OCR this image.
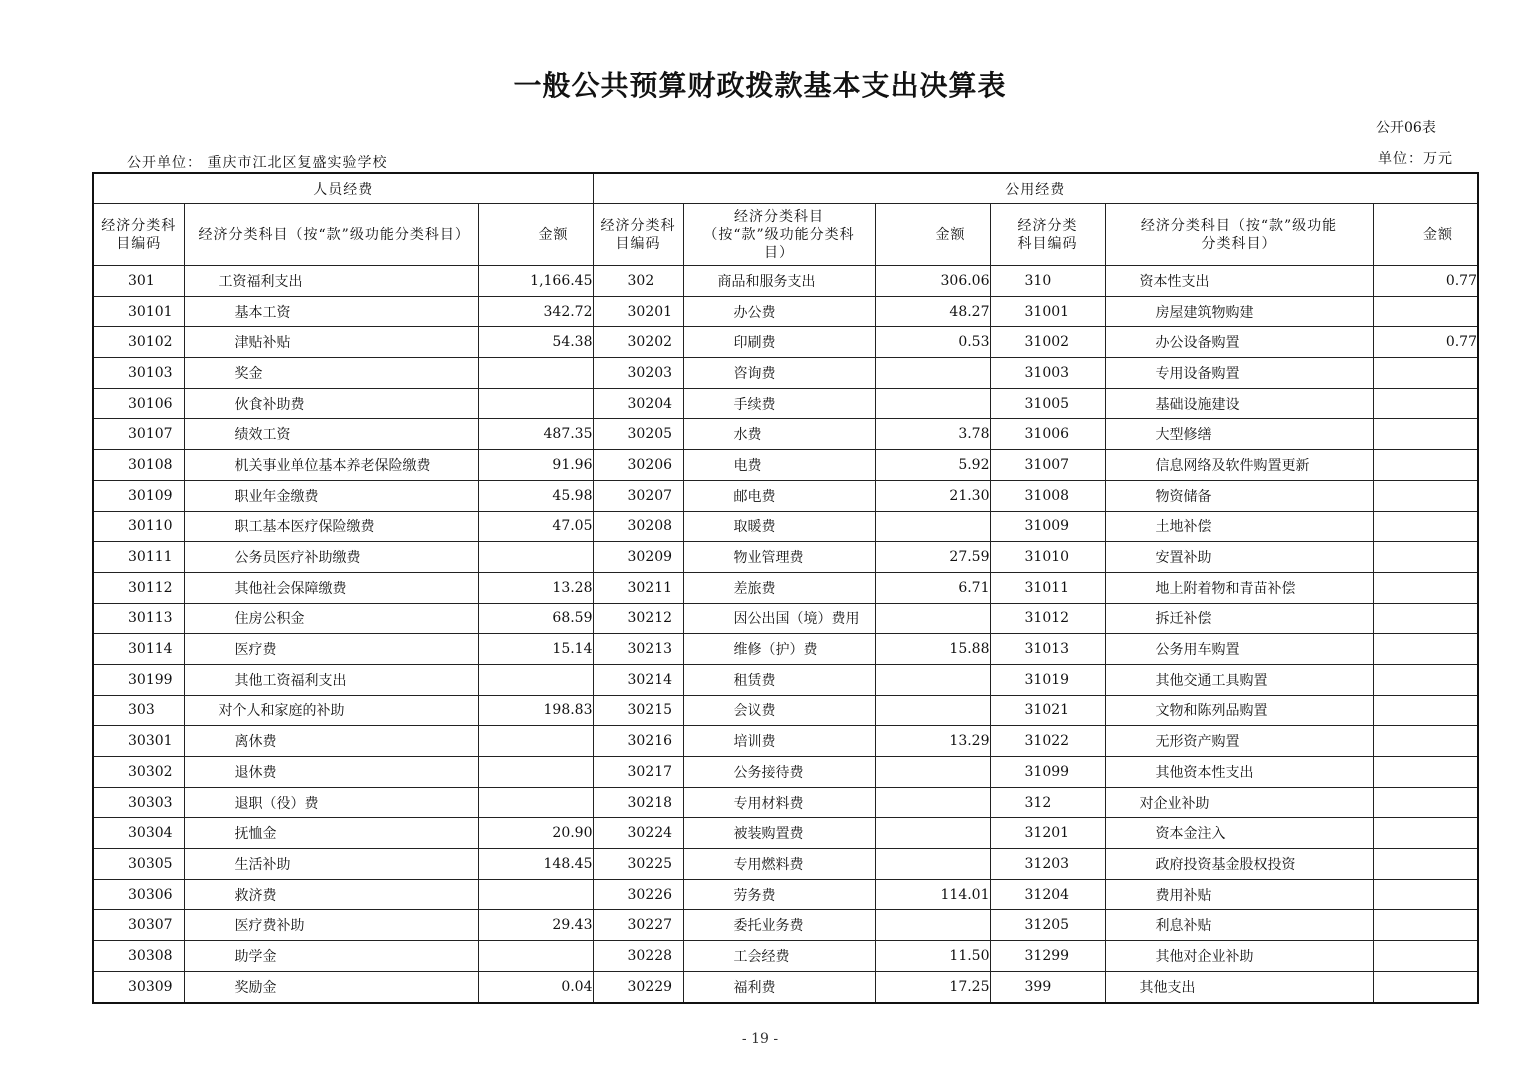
一般公共预算财政拨款基本支出决算表
公开06表
公开单位： 重庆市江北区复盛实验学校	单位：万元
人员经费			公用经费					
经济分类科目编码	经济分类科目（按“款”级功能分类科目）	金额	经济分类科目编码	经济分类科目（按“款”级功能分类科目）	金额	经济分类科目编码	经济分类科目（按“款”级功能分类科目）	金额
301	工资福利支出	1,166.45	302	商品和服务支出	306.06	310	资本性支出	0.77
30101	基本工资	342.72	30201	办公费	48.27	31001	房屋建筑物购建	
30102	津贴补贴	54.38	30202	印刷费	0.53	31002	办公设备购置	0.77
30103	奖金		30203	咨询费		31003	专用设备购置	
30106	伙食补助费		30204	手续费		31005	基础设施建设	
30107	绩效工资	487.35	30205	水费	3.78	31006	大型修缮	
30108	机关事业单位基本养老保险缴费	91.96	30206	电费	5.92	31007	信息网络及软件购置更新	
30109	职业年金缴费	45.98	30207	邮电费	21.30	31008	物资储备	
30110	职工基本医疗保险缴费	47.05	30208	取暖费		31009	土地补偿	
30111	公务员医疗补助缴费		30209	物业管理费	27.59	31010	安置补助	
30112	其他社会保障缴费	13.28	30211	差旅费	6.71	31011	地上附着物和青苗补偿	
30113	住房公积金	68.59	30212	因公出国（境）费用		31012	拆迁补偿	
30114	医疗费	15.14	30213	维修（护）费	15.88	31013	公务用车购置	
30199	其他工资福利支出		30214	租赁费		31019	其他交通工具购置	
303	对个人和家庭的补助	198.83	30215	会议费		31021	文物和陈列品购置	
30301	离休费		30216	培训费	13.29	31022	无形资产购置	
30302	退休费		30217	公务接待费		31099	其他资本性支出	
30303	退职（役）费		30218	专用材料费		312	对企业补助	
30304	抚恤金	20.90	30224	被装购置费		31201	资本金注入	
30305	生活补助	148.45	30225	专用燃料费		31203	政府投资基金股权投资	
30306	救济费		30226	劳务费	114.01	31204	费用补贴	
30307	医疗费补助	29.43	30227	委托业务费		31205	利息补贴	
30308	助学金		30228	工会经费	11.50	31299	其他对企业补助	
30309	奖励金	0.04	30229	福利费	17.25	399	其他支出	
- 19 -
